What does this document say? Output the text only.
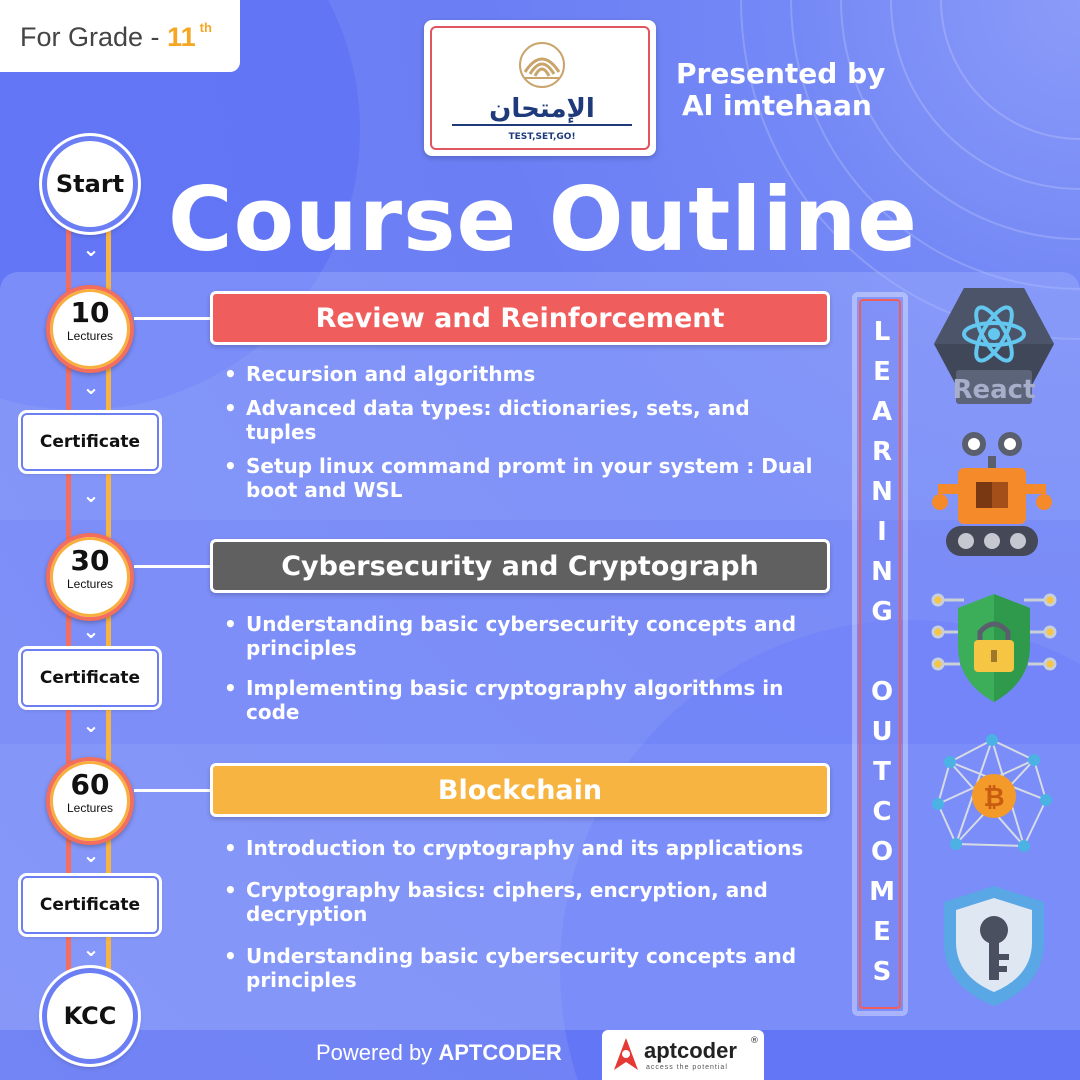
For Grade - 11 $^{th}$
الإمتحان
TEST,SET,GO!
Presented by
Al imtehaan
Course Outline
Start
⌄
10
Lectures
⌄
Certificate
⌄
30
Lectures
⌄
Certificate
⌄
60
Lectures
⌄
Certificate
⌄
KCC
Review and Reinforcement
• Recursion and algorithms
• Advanced data types: dictionaries, sets, and tuples
• Setup linux command promt in your system : Dual boot and WSL
Cybersecurity and Cryptograph
• Understanding basic cybersecurity concepts and principles
• Implementing basic cryptography algorithms in code
Blockchain
• Introduction to cryptography and its applications
• Cryptography basics: ciphers, encryption, and decryption
• Understanding basic cybersecurity concepts and principles
L
E
A
R
N
I
N
G
O
U
T
C
O
M
E
S
React
₿
Powered by APTCODER	aptcoder
access the potential
®
